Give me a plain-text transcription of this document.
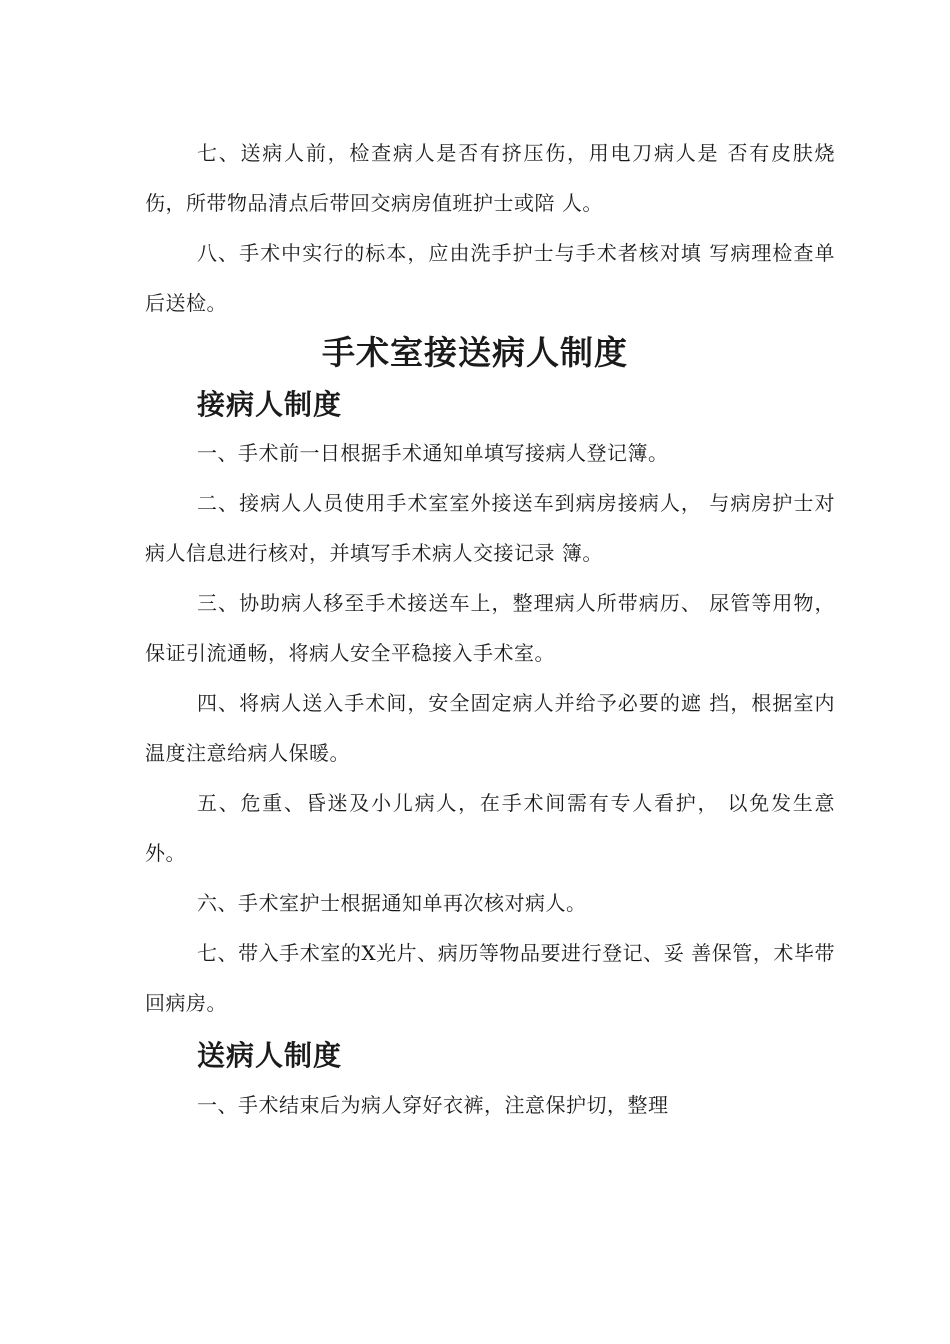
七、送病人前，检查病人是否有挤压伤，用电刀病人是 否有皮肤烧伤，所带物品清点后带回交病房值班护士或陪 人。

八、手术中实行的标本，应由洗手护士与手术者核对填 写病理检查单后送检。

手术室接送病人制度
接病人制度

一、手术前一日根据手术通知单填写接病人登记簿。

二、接病人人员使用手术室室外接送车到病房接病人， 与病房护士对病人信息进行核对，并填写手术病人交接记录 簿。

三、协助病人移至手术接送车上，整理病人所带病历、 尿管等用物，保证引流通畅，将病人安全平稳接入手术室。

四、将病人送入手术间，安全固定病人并给予必要的遮 挡，根据室内温度注意给病人保暖。

五、危重、昏迷及小儿病人，在手术间需有专人看护， 以免发生意外。

六、手术室护士根据通知单再次核对病人。

七、带入手术室的X光片、病历等物品要进行登记、妥 善保管，术毕带回病房。

送病人制度

一、手术结束后为病人穿好衣裤，注意保护切，整理
